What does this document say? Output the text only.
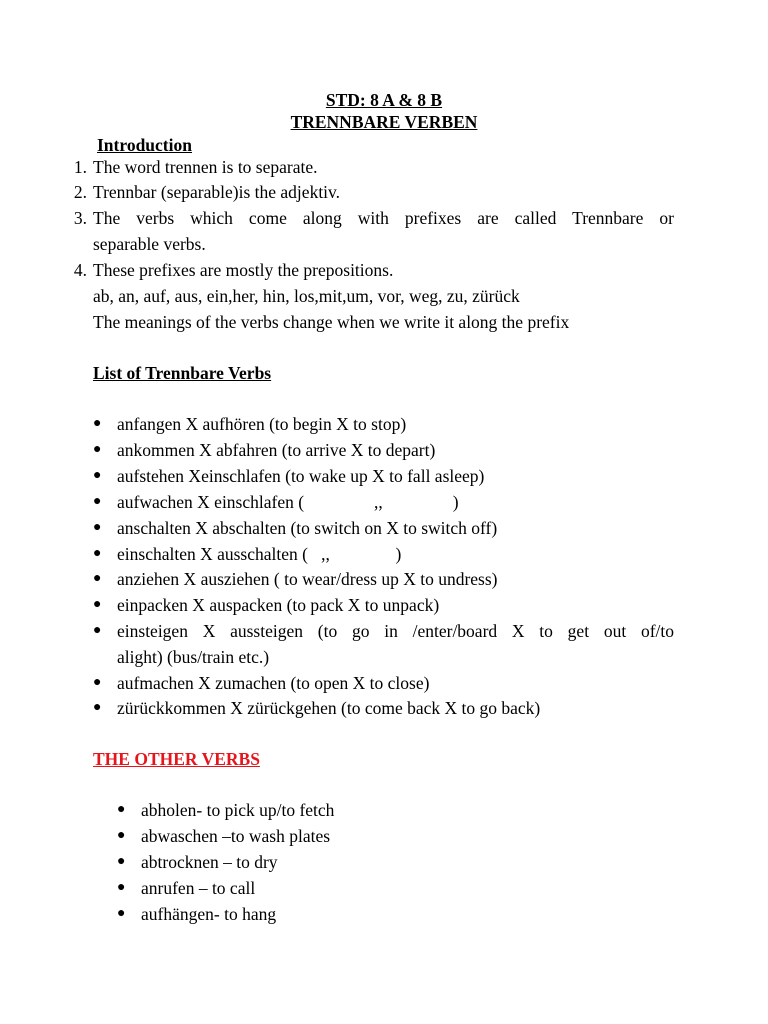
STD: 8 A & 8 B
TRENNBARE VERBEN
Introduction
1. The word trennen is to separate.
2. Trennbar (separable)is the adjektiv.
3. The verbs which come along with prefixes are called Trennbare or
separable verbs.
4. These prefixes are mostly the prepositions.
ab, an, auf, aus, ein,her, hin, los,mit,um, vor, weg, zu, zürück
The meanings of the verbs change when we write it along the prefix
List of Trennbare Verbs
● anfangen X aufhören (to begin X to stop)
● ankommen X abfahren (to arrive X to depart)
● aufstehen Xeinschlafen (to wake up X to fall asleep)
● aufwachen X einschlafen (                ,,                )
● anschalten X abschalten (to switch on X to switch off)
● einschalten X ausschalten (   ,,               )
● anziehen X ausziehen ( to wear/dress up X to undress)
● einpacken X auspacken (to pack X to unpack)
● einsteigen X aussteigen (to go in /enter/board X to get out of/to
alight) (bus/train etc.)
● aufmachen X zumachen (to open X to close)
● zürückkommen X zürückgehen (to come back X to go back)
THE OTHER VERBS
● abholen- to pick up/to fetch
● abwaschen –to wash plates
● abtrocknen – to dry
● anrufen – to call
● aufhängen- to hang
